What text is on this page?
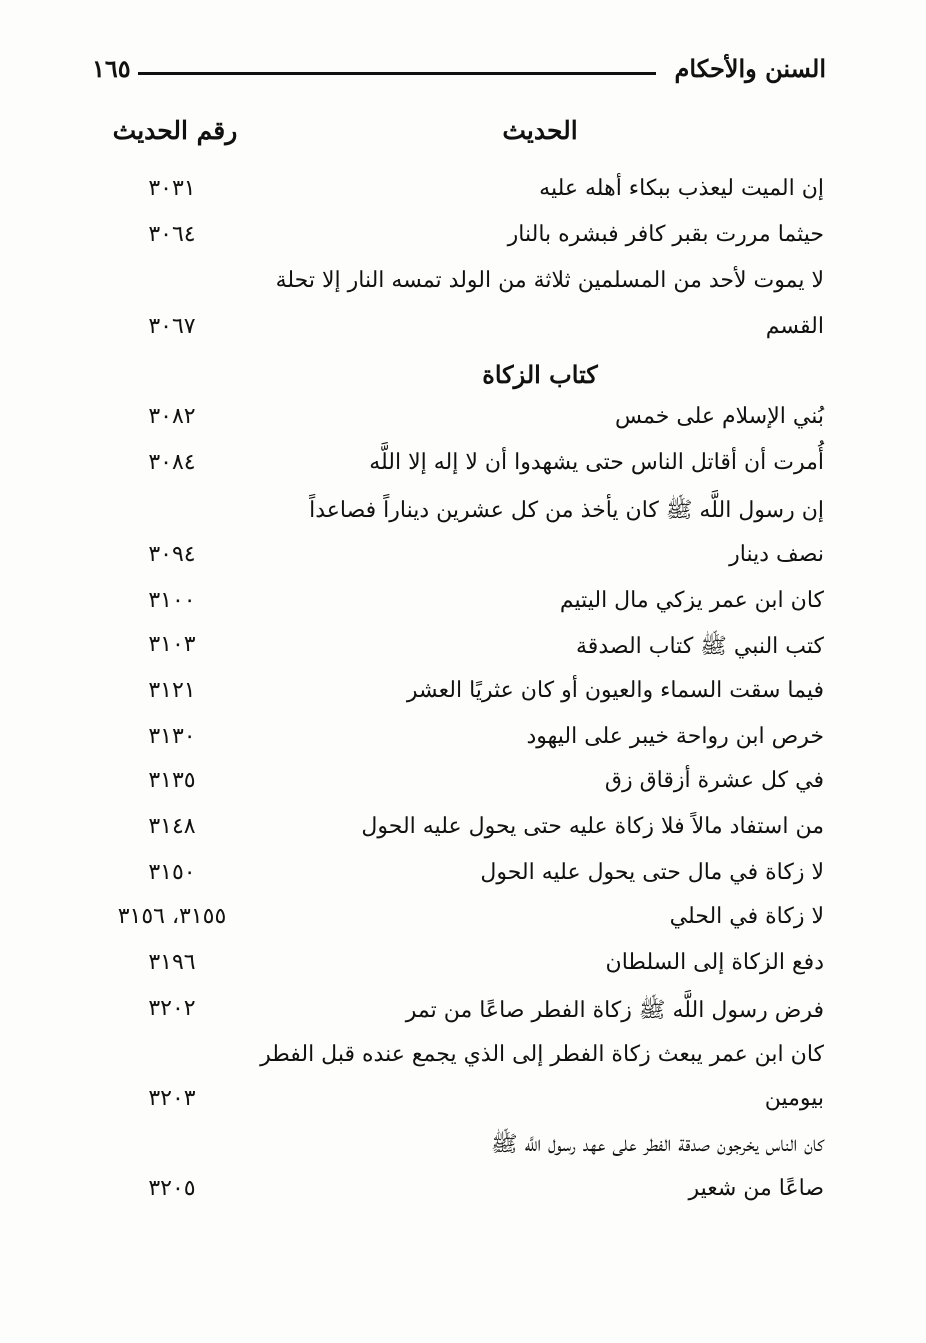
السنن والأحكام
١٦٥
الحديث
رقم الحديث
إن الميت ليعذب ببكاء أهله عليه
٣٠٣١
حيثما مررت بقبر كافر فبشره بالنار
٣٠٦٤
لا يموت لأحد من المسلمين ثلاثة من الولد تمسه النار إلا تحلة
القسم
٣٠٦٧
كتاب الزكاة
بُني الإسلام على خمس
٣٠٨٢
أُمرت أن أقاتل الناس حتى يشهدوا أن لا إله إلا اللَّه
٣٠٨٤
إن رسول اللَّه ﷺ كان يأخذ من كل عشرين ديناراً فصاعداً
نصف دينار
٣٠٩٤
كان ابن عمر يزكي مال اليتيم
٣١٠٠
كتب النبي ﷺ كتاب الصدقة
٣١٠٣
فيما سقت السماء والعيون أو كان عثريًا العشر
٣١٢١
خرص ابن رواحة خيبر على اليهود
٣١٣٠
في كل عشرة أزقاق زق
٣١٣٥
من استفاد مالاً فلا زكاة عليه حتى يحول عليه الحول
٣١٤٨
لا زكاة في مال حتى يحول عليه الحول
٣١٥٠
لا زكاة في الحلي
٣١٥٥، ٣١٥٦
دفع الزكاة إلى السلطان
٣١٩٦
فرض رسول اللَّه ﷺ زكاة الفطر صاعًا من تمر
٣٢٠٢
كان ابن عمر يبعث زكاة الفطر إلى الذي يجمع عنده قبل الفطر
بيومين
٣٢٠٣
كان الناس يخرجون صدقة الفطر على عهد رسول اللَّه ﷺ
صاعًا من شعير
٣٢٠٥
